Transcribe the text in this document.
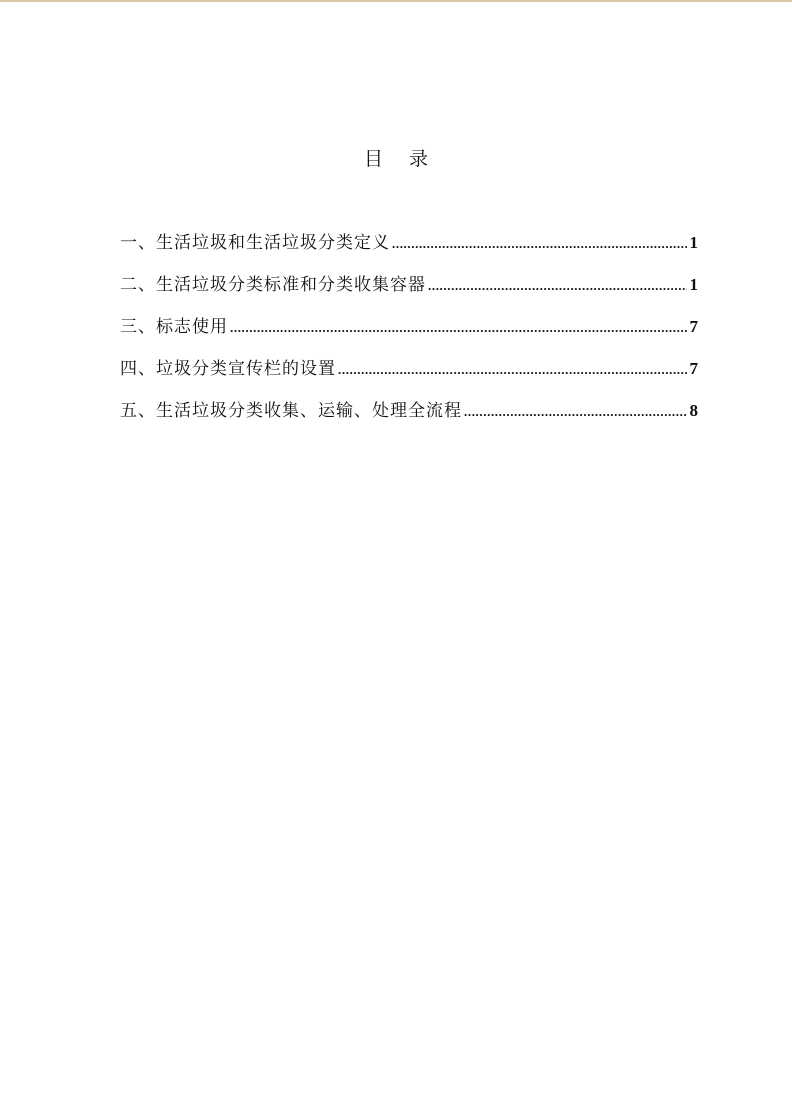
目 录
一、生活垃圾和生活垃圾分类定义 .....	1
二、生活垃圾分类标准和分类收集容器 .....	1
三、标志使用 .....	7
四、垃圾分类宣传栏的设置 .....	7
五、生活垃圾分类收集、运输、处理全流程 .....	8
